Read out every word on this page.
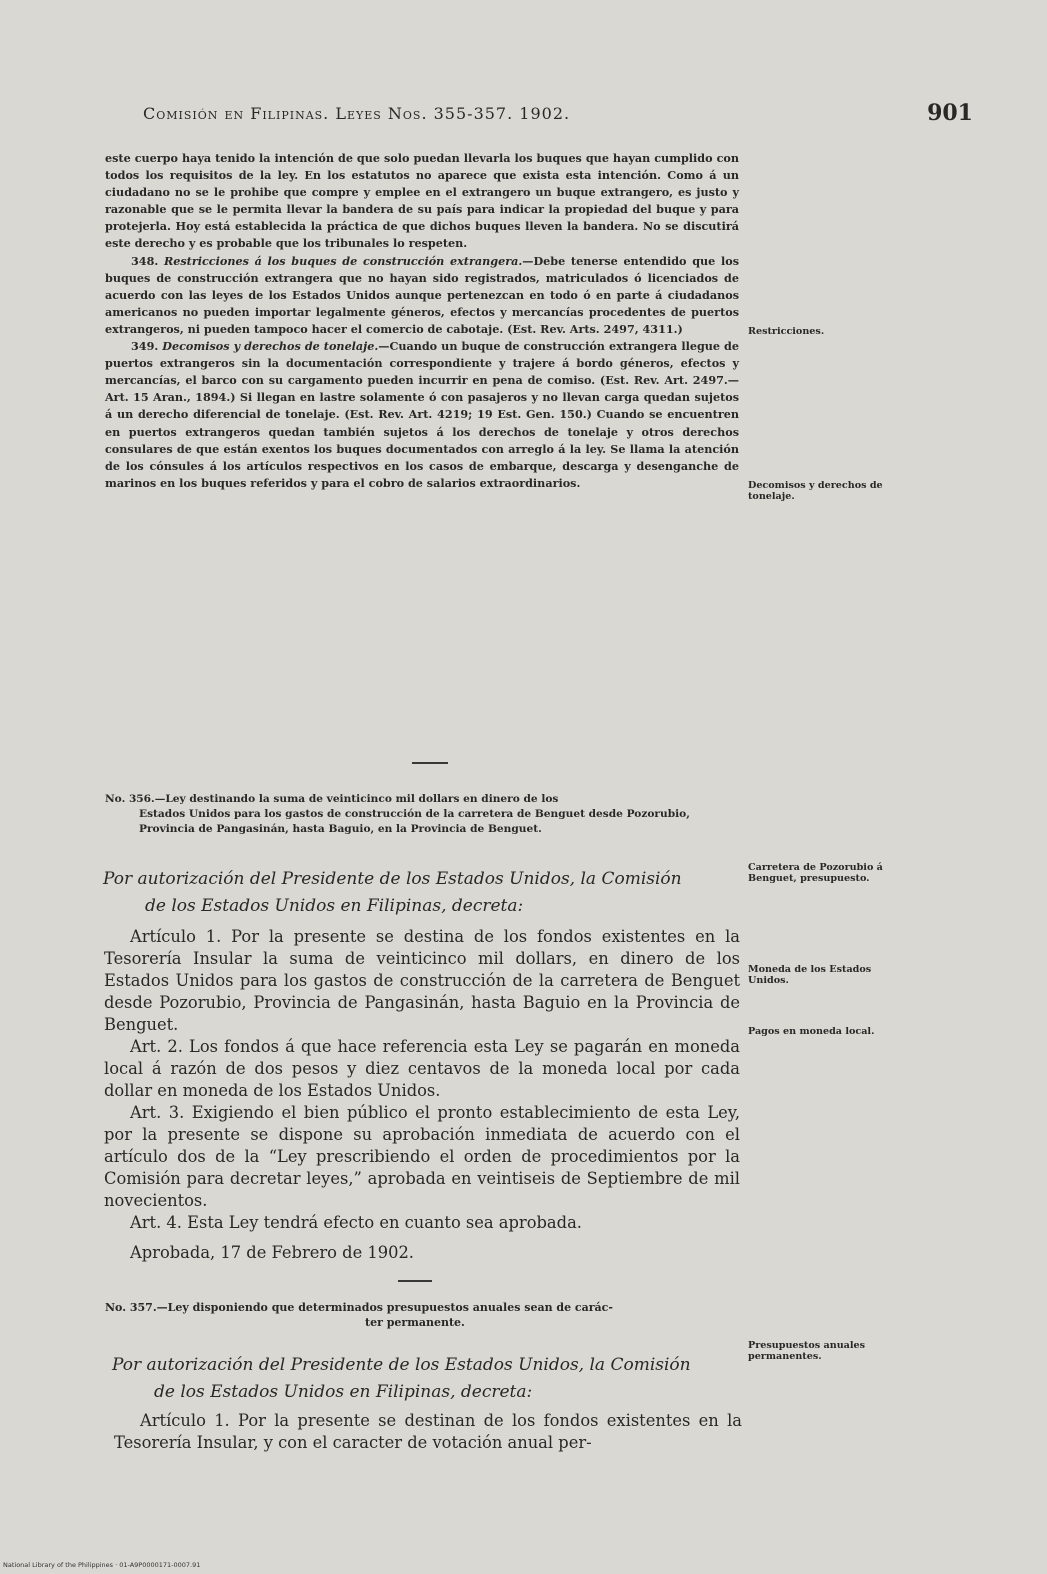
Comisión en Filipinas. Leyes Nos. 355-357. 1902.	901

este cuerpo haya tenido la intención de que solo puedan llevarla los buques que hayan cumplido con todos los requisitos de la ley. En los estatutos no aparece que exista esta intención. Como á un ciudadano no se le prohibe que compre y emplee en el extrangero un buque extrangero, es justo y razonable que se le permita llevar la bandera de su país para indicar la propiedad del buque y para protejerla. Hoy está establecida la práctica de que dichos buques lleven la bandera. No se discutirá este derecho y es probable que los tribunales lo respeten.

348. Restricciones á los buques de construcción extrangera.—Debe tenerse entendido que los buques de construcción extrangera que no hayan sido registrados, matriculados ó licenciados de acuerdo con las leyes de los Estados Unidos aunque pertenezcan en todo ó en parte á ciudadanos americanos no pueden importar legalmente géneros, efectos y mercancías procedentes de puertos extrangeros, ni pueden tampoco hacer el comercio de cabotaje. (Est. Rev. Arts. 2497, 4311.)

349. Decomisos y derechos de tonelaje.—Cuando un buque de construcción extrangera llegue de puertos extrangeros sin la documentación correspondiente y trajere á bordo géneros, efectos y mercancías, el barco con su cargamento pueden incurrir en pena de comiso. (Est. Rev. Art. 2497.—Art. 15 Aran., 1894.) Si llegan en lastre solamente ó con pasajeros y no llevan carga quedan sujetos á un derecho diferencial de tonelaje. (Est. Rev. Art. 4219; 19 Est. Gen. 150.) Cuando se encuentren en puertos extrangeros quedan también sujetos á los derechos de tonelaje y otros derechos consulares de que están exentos los buques documentados con arreglo á la ley. Se llama la atención de los cónsules á los artículos respectivos en los casos de embarque, descarga y desenganche de marinos en los buques referidos y para el cobro de salarios extraordinarios.

Restricciones.
Decomisos y derechos de tonelaje.
No. 356.—Ley destinando la suma de veinticinco mil dollars en dinero de los
Estados Unidos para los gastos de construcción de la carretera de Benguet desde Pozorubio, Provincia de Pangasinán, hasta Baguio, en la Provincia de Benguet.
Por autorización del Presidente de los Estados Unidos, la Comisión
de los Estados Unidos en Filipinas, decreta:

Artículo 1. Por la presente se destina de los fondos existentes en la Tesorería Insular la suma de veinticinco mil dollars, en dinero de los Estados Unidos para los gastos de construcción de la carretera de Benguet desde Pozorubio, Provincia de Pangasinán, hasta Baguio en la Provincia de Benguet.

Art. 2. Los fondos á que hace referencia esta Ley se pagarán en moneda local á razón de dos pesos y diez centavos de la moneda local por cada dollar en moneda de los Estados Unidos.

Art. 3. Exigiendo el bien público el pronto establecimiento de esta Ley, por la presente se dispone su aprobación inmediata de acuerdo con el artículo dos de la “Ley prescribiendo el orden de procedimientos por la Comisión para decretar leyes,” aprobada en veintiseis de Septiembre de mil novecientos.

Art. 4. Esta Ley tendrá efecto en cuanto sea aprobada.

Aprobada, 17 de Febrero de 1902.

Carretera de Pozorubio á Benguet, presupuesto.
Moneda de los Estados Unidos.
Pagos en moneda local.
No. 357.—Ley disponiendo que determinados presupuestos anuales sean de carác-
ter permanente.
Por autorización del Presidente de los Estados Unidos, la Comisión
de los Estados Unidos en Filipinas, decreta:

Artículo 1. Por la presente se destinan de los fondos existentes en la Tesorería Insular, y con el caracter de votación anual per-

Presupuestos anuales permanentes.
National Library of the Philippines · 01-A9P0000171-0007.91
